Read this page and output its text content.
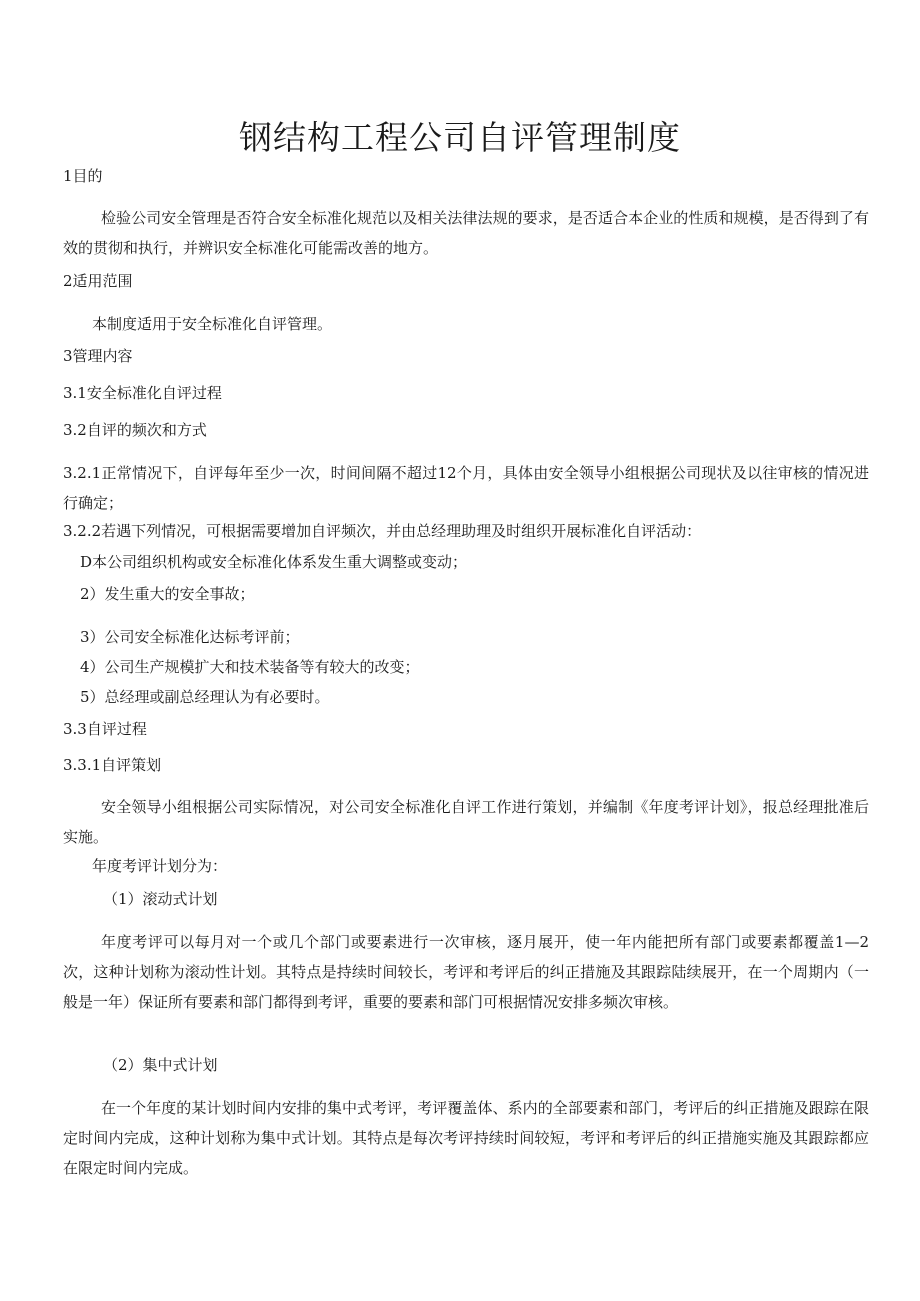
钢结构工程公司自评管理制度
1目的
检验公司安全管理是否符合安全标准化规范以及相关法律法规的要求，是否适合本企业的性质和规模，是否得到了有效的贯彻和执行，并辨识安全标准化可能需改善的地方。
2适用范围
本制度适用于安全标准化自评管理。
3管理内容
3.1安全标准化自评过程
3.2自评的频次和方式
3.2.1正常情况下，自评每年至少一次，时间间隔不超过12个月，具体由安全领导小组根据公司现状及以往审核的情况进行确定；
3.2.2若遇下列情况，可根据需要增加自评频次，并由总经理助理及时组织开展标准化自评活动：
D本公司组织机构或安全标准化体系发生重大调整或变动；
2）发生重大的安全事故；
3）公司安全标准化达标考评前；
4）公司生产规模扩大和技术装备等有较大的改变；
5）总经理或副总经理认为有必要时。
3.3自评过程
3.3.1自评策划
安全领导小组根据公司实际情况，对公司安全标准化自评工作进行策划，并编制《年度考评计划》，报总经理批准后实施。
年度考评计划分为：
（1）滚动式计划
年度考评可以每月对一个或几个部门或要素进行一次审核，逐月展开，使一年内能把所有部门或要素都覆盖1—2次，这种计划称为滚动性计划。其特点是持续时间较长，考评和考评后的纠正措施及其跟踪陆续展开，在一个周期内（一般是一年）保证所有要素和部门都得到考评，重要的要素和部门可根据情况安排多频次审核。
（2）集中式计划
在一个年度的某计划时间内安排的集中式考评，考评覆盖体、系内的全部要素和部门，考评后的纠正措施及跟踪在限定时间内完成，这种计划称为集中式计划。其特点是每次考评持续时间较短，考评和考评后的纠正措施实施及其跟踪都应在限定时间内完成。
